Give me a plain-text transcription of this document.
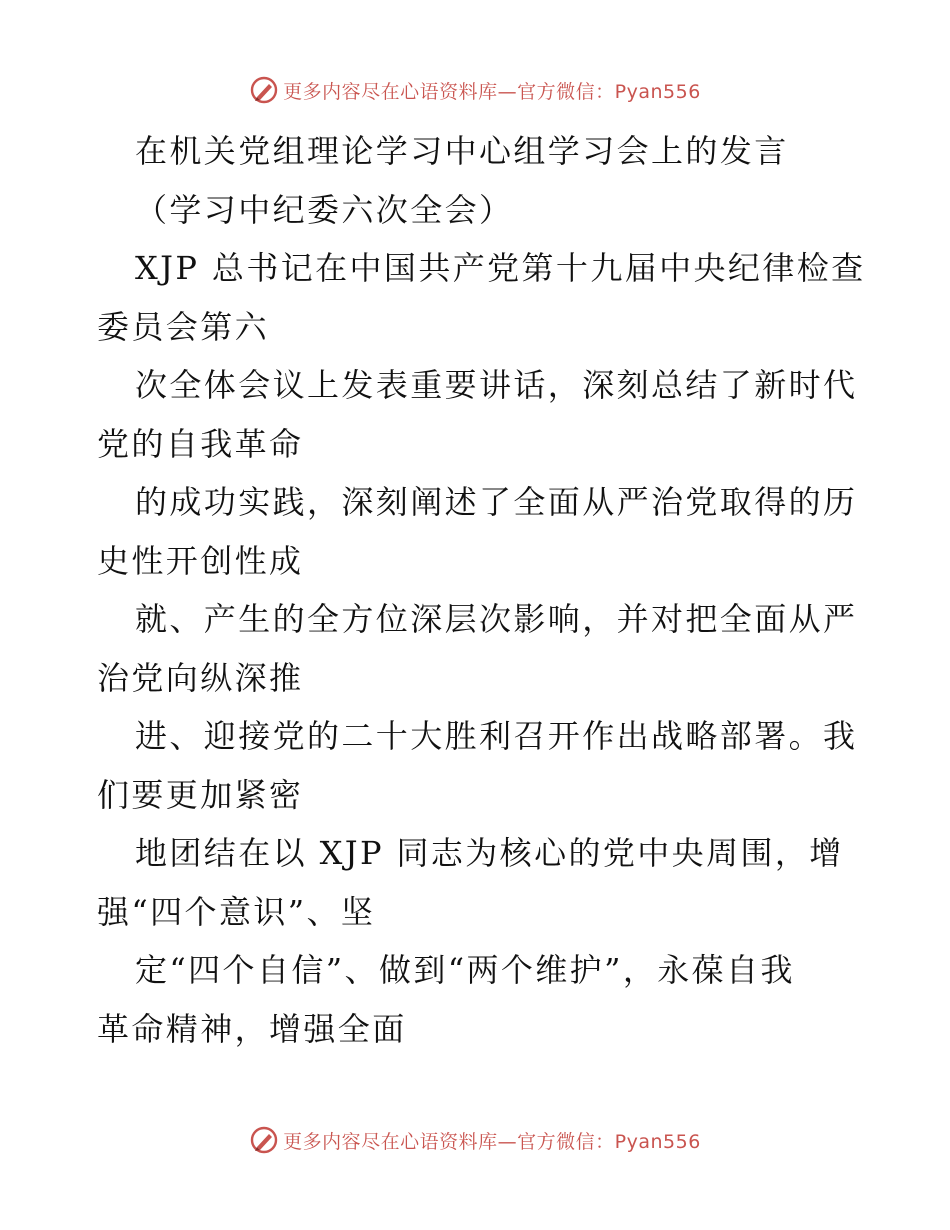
更多内容尽在心语资料库—官方微信：Pyan556
在机关党组理论学习中心组学习会上的发言
（学习中纪委六次全会）
XJP 总书记在中国共产党第十九届中央纪律检查
委员会第六
次全体会议上发表重要讲话，深刻总结了新时代
党的自我革命
的成功实践，深刻阐述了全面从严治党取得的历
史性开创性成
就、产生的全方位深层次影响，并对把全面从严
治党向纵深推
进、迎接党的二十大胜利召开作出战略部署。我
们要更加紧密
地团结在以 XJP 同志为核心的党中央周围，增
强“四个意识”、坚
定“四个自信”、做到“两个维护”，永葆自我
革命精神，增强全面
更多内容尽在心语资料库—官方微信：Pyan556
